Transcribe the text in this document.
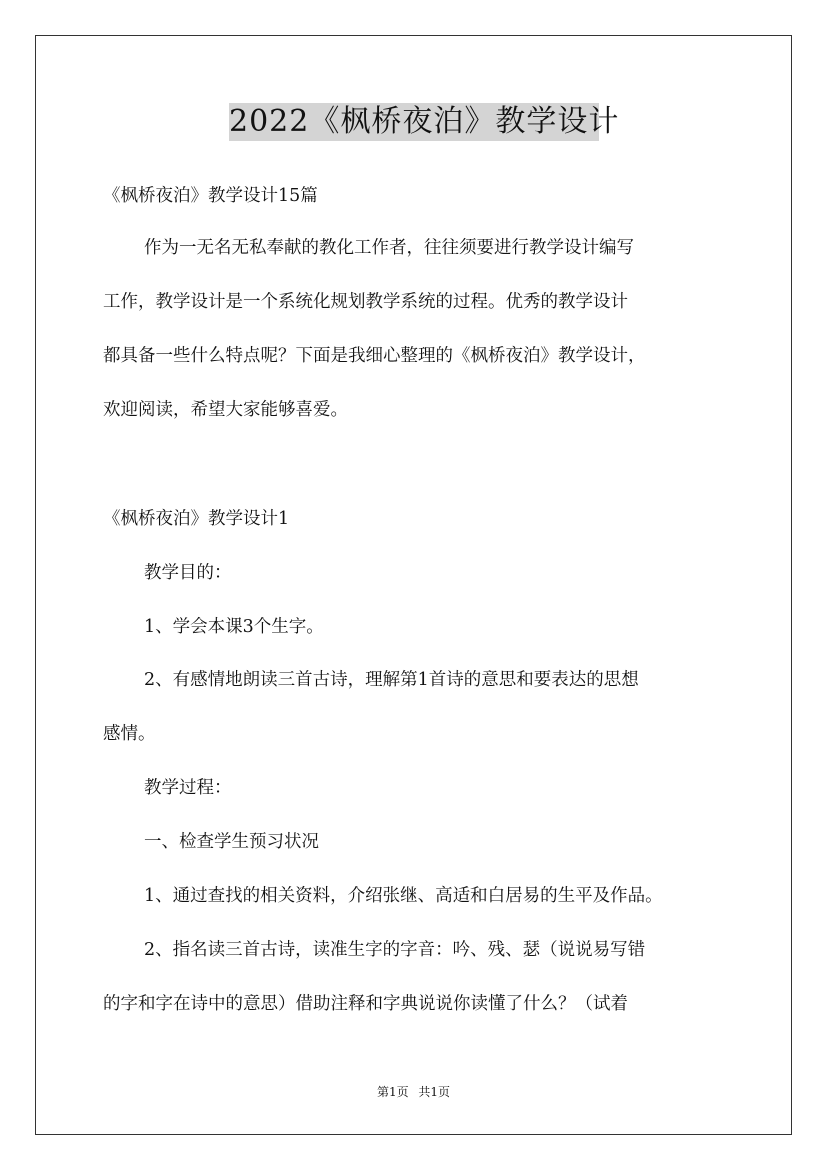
2022《枫桥夜泊》教学设计
《枫桥夜泊》教学设计15篇
作为一无名无私奉献的教化工作者，往往须要进行教学设计编写
工作，教学设计是一个系统化规划教学系统的过程。优秀的教学设计
都具备一些什么特点呢？下面是我细心整理的《枫桥夜泊》教学设计，
欢迎阅读，希望大家能够喜爱。
《枫桥夜泊》教学设计1
教学目的：
1、学会本课3个生字。
2、有感情地朗读三首古诗，理解第1首诗的意思和要表达的思想
感情。
教学过程：
一、检查学生预习状况
1、通过查找的相关资料，介绍张继、高适和白居易的生平及作品。
2、指名读三首古诗，读准生字的字音：吟、残、瑟（说说易写错
的字和字在诗中的意思）借助注释和字典说说你读懂了什么？（试着
第1页 共1页
